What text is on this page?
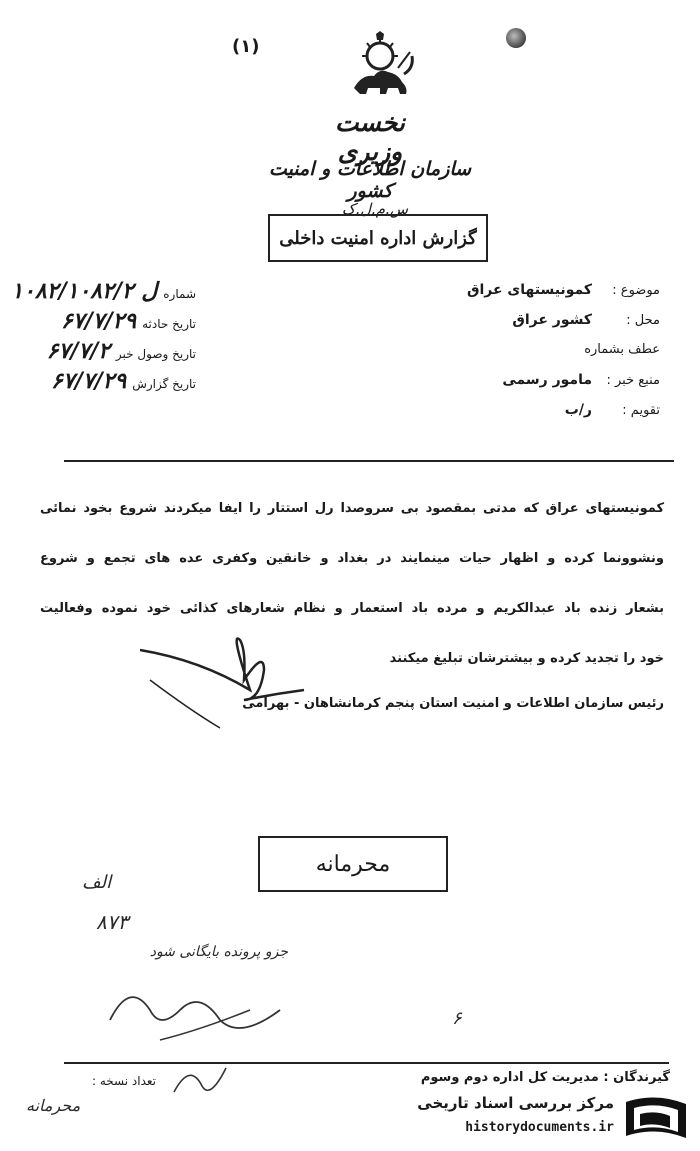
(۱)
نخست وزیری
سازمان اطلاعات و امنیت کشور
س.م.ل.ک
گزارش اداره امنیت داخلی
شماره
۱۰۸۲/۱۰۸۲/۲ ل
تاریخ حادثه
۶۷/۷/۲۹
تاریخ وصول خبر
۶۷/۷/۲
تاریخ گزارش
۶۷/۷/۲۹
موضوع :
کمونیستهای عراق
محل :
کشور عراق
عطف بشماره
منبع خبر :
مامور رسمی
تقویم :
ر/ب

کمونیستهای عراق که مدتی بمقصود بی سروصدا رل استتار را ایفا میکردند شروع بخود نمائی

ونشوونما کرده و اظهار حیات مینمایند در بغداد و خانقین وکفری عده های تجمع و شروع

بشعار زنده باد عبدالکریم و مرده باد استعمار و نظام شعارهای کذائی خود نموده وفعالیت

خود را تجدید کرده و بیشترشان تبلیغ میکنند

رئیس سازمان اطلاعات و امنیت استان پنجم کرمانشاهان - بهرامی
محرمانه
الف
۸۷۳
جزو پرونده بایگانی شود
۶
گیرندگان : مدیریت کل اداره دوم وسوم
تعداد نسخه :
محرمانه	مرکز بررسی اسناد تاریخی
historydocuments.ir
